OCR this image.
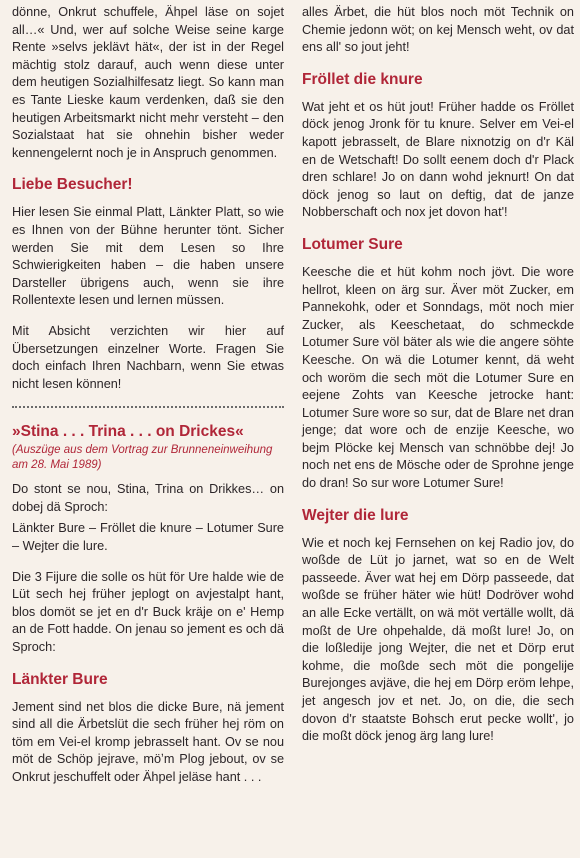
dönne, Onkrut schuffele, Ähpel läse on sojet all…« Und, wer auf solche Weise seine karge Rente »selvs jeklävt hät«, der ist in der Regel mächtig stolz darauf, auch wenn diese unter dem heutigen Sozialhilfesatz liegt. So kann man es Tante Lieske kaum verdenken, daß sie den heutigen Arbeitsmarkt nicht mehr versteht – den Sozialstaat hat sie ohnehin bisher weder kennengelernt noch je in Anspruch genommen.

Liebe Besucher!

Hier lesen Sie einmal Platt, Länkter Platt, so wie es Ihnen von der Bühne herunter tönt. Sicher werden Sie mit dem Lesen so Ihre Schwierigkeiten haben – die haben unsere Darsteller übrigens auch, wenn sie ihre Rollentexte lesen und lernen müssen.

Mit Absicht verzichten wir hier auf Übersetzungen einzelner Worte. Fragen Sie doch einfach Ihren Nachbarn, wenn Sie etwas nicht lesen können!

»Stina . . . Trina . . . on Drickes«
(Auszüge aus dem Vortrag zur Brunneneinweihung am 28. Mai 1989)

Do stont se nou, Stina, Trina on Drikkes… on dobej dä Sproch:

Länkter Bure – Fröllet die knure – Lotumer Sure – Wejter die lure.

Die 3 Fijure die solle os hüt för Ure halde wie de Lüt sech hej früher jeplogt on avjestalpt hant, blos domöt se jet en d'r Buck kräje on e' Hemp an de Fott hadde. On jenau so jement es och dä Sproch:

Länkter Bure

Jement sind net blos die dicke Bure, nä jement sind all die Ärbetslüt die sech früher hej röm on töm em Vei-el kromp jebrasselt hant. Ov se nou möt de Schöp jejrave, möʼm Plog jebout, ov se Onkrut jeschuffelt oder Ähpel jeläse hant . . .

alles Ärbet, die hüt blos noch möt Technik on Chemie jedonn wöt; on kej Mensch weht, ov dat ens all' so jout jeht!

Fröllet die knure

Wat jeht et os hüt jout! Früher hadde os Fröllet döck jenog Jronk för tu knure. Selver em Vei-el kapott jebrasselt, de Blare nixnotzig on d'r Käl en de Wetschaft! Do sollt eenem doch d'r Plack dren schlare! Jo on dann wohd jeknurt! On dat döck jenog so laut on deftig, dat de janze Nobberschaft och nox jet dovon hat'!

Lotumer Sure

Keesche die et hüt kohm noch jövt. Die wore hellrot, kleen on ärg sur. Äver möt Zucker, em Pannekohk, oder et Sonndags, möt noch mier Zucker, als Keeschetaat, do schmeckde Lotumer Sure völ bäter als wie die angere söhte Keesche. On wä die Lotumer kennt, dä weht och woröm die sech möt die Lotumer Sure en eejene Zohts van Keesche jetrocke hant: Lotumer Sure wore so sur, dat de Blare net dran jenge; dat wore och de enzije Keesche, wo bejm Plöcke kej Mensch van schnöbbe dej! Jo noch net ens de Mösche oder de Sprohne jenge do dran! So sur wore Lotumer Sure!

Wejter die lure

Wie et noch kej Fernsehen on kej Radio jov, do woßde de Lüt jo jarnet, wat so en de Welt passeede. Äver wat hej em Dörp passeede, dat woßde se früher häter wie hüt! Dodröver wohd an alle Ecke vertällt, on wä möt vertälle wollt, dä moßt de Ure ohpehalde, dä moßt lure! Jo, on die loßledije jong Wejter, die net et Dörp erut kohme, die moßde sech möt die pongelije Burejonges avjäve, die hej em Dörp eröm lehpe, jet angesch jov et net. Jo, on die, die sech dovon d'r staatste Bohsch erut pecke wollt', jo die moßt döck jenog ärg lang lure!
